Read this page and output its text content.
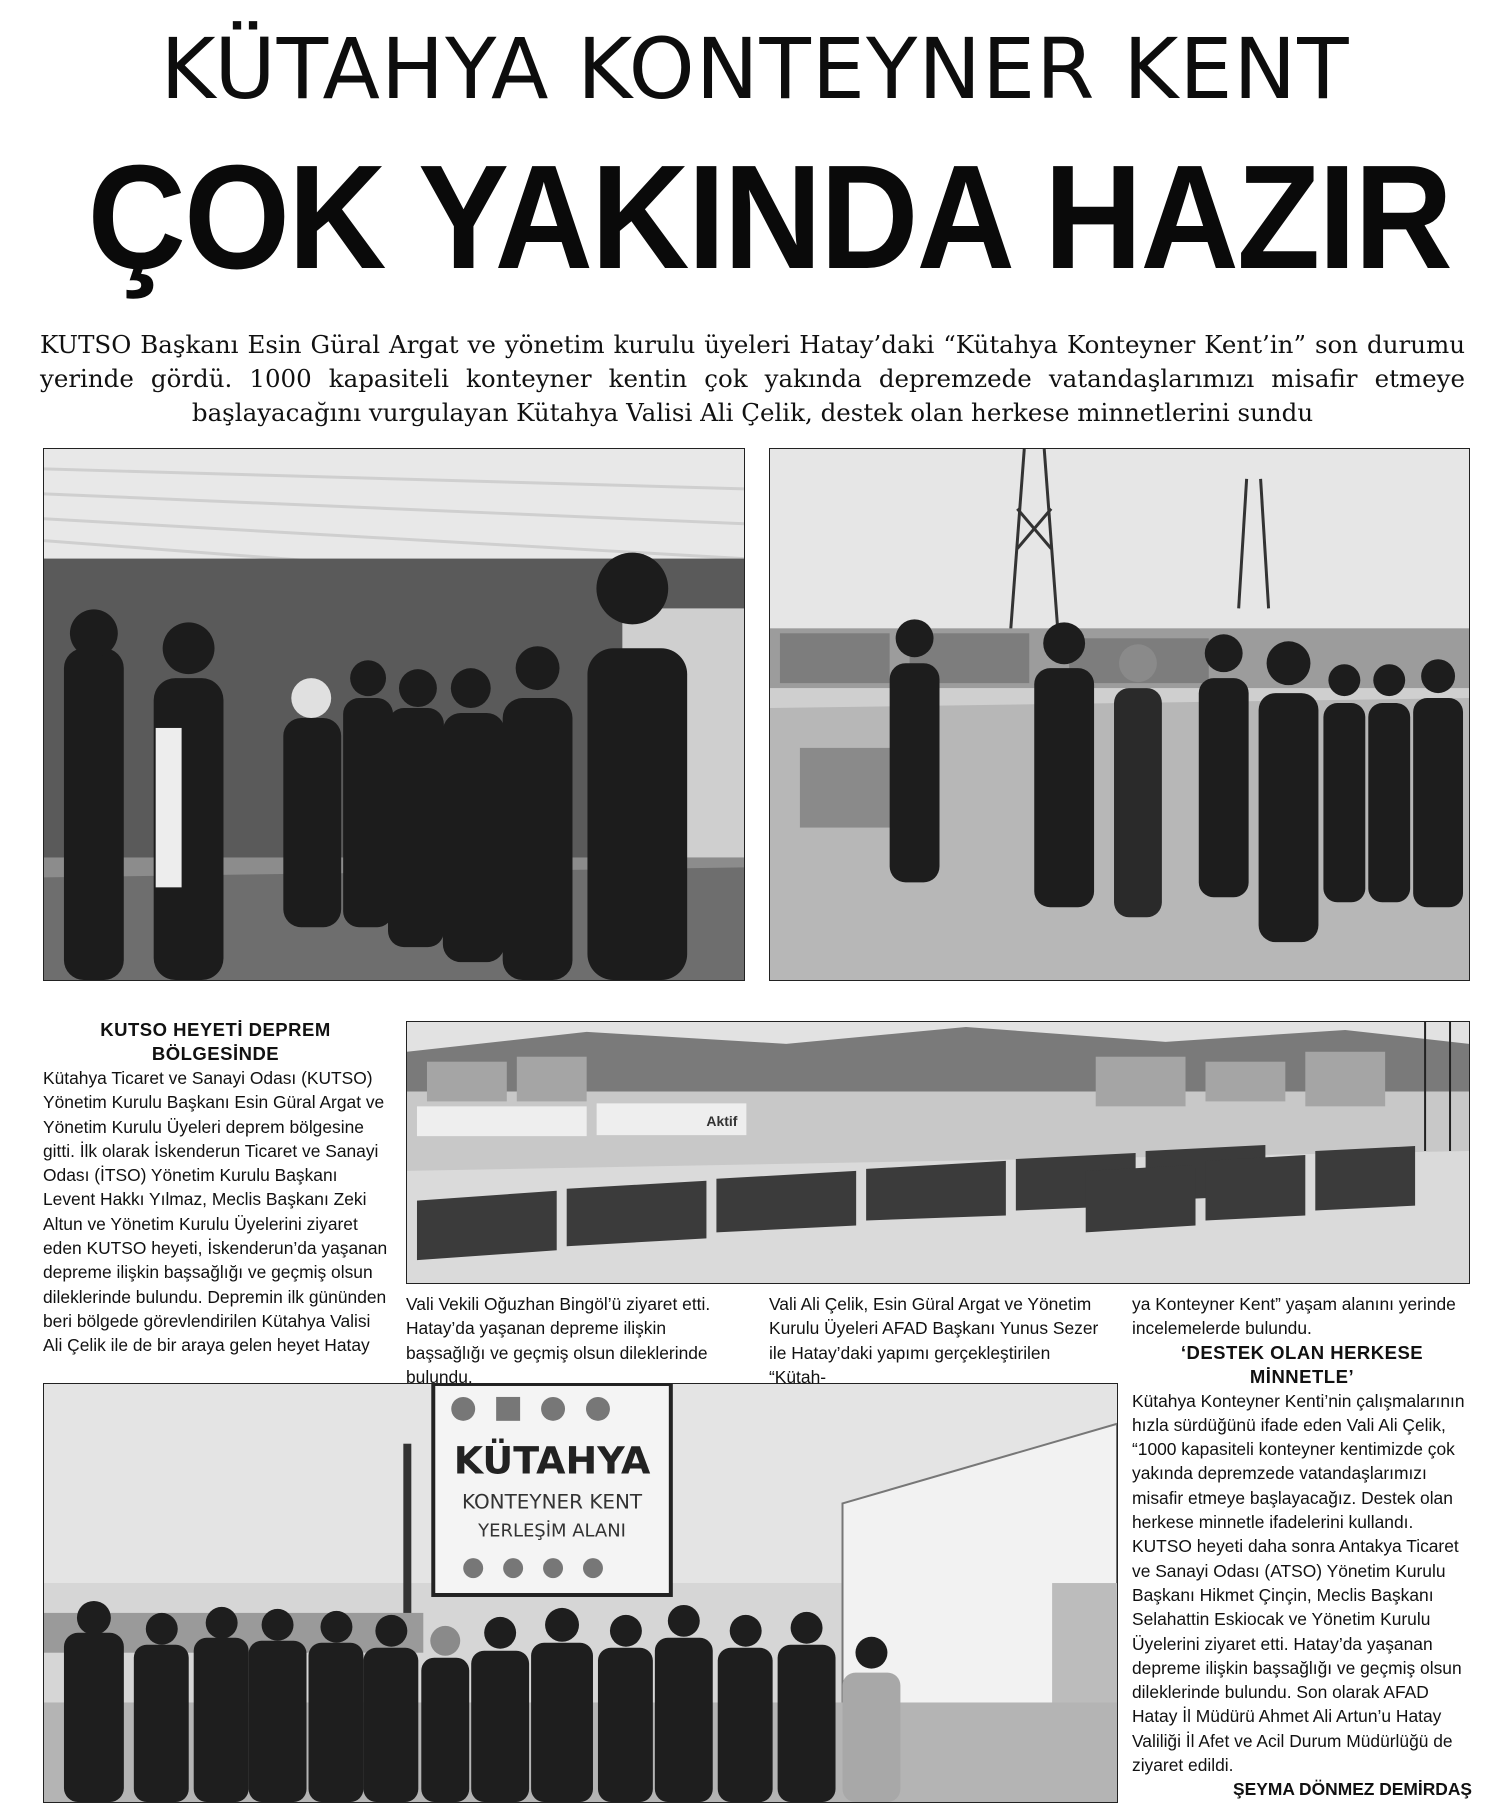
KÜTAHYA KONTEYNER KENT
ÇOK YAKINDA HAZIR
KUTSO Başkanı Esin Güral Argat ve yönetim kurulu üyeleri Hatay’daki “Kütahya Konteyner Kent’in” son durumu yerinde gördü. 1000 kapasiteli konteyner kentin çok yakında depremzede vatandaşlarımızı misafir etmeye başlayacağını vurgulayan Kütahya Valisi Ali Çelik, destek olan herkese minnetlerini sundu
Aktif
KÜTAHYA
KONTEYNER KENT
YERLEŞİM ALANI
KUTSO HEYETİ DEPREM BÖLGESİNDE
Kütahya Ticaret ve Sanayi Odası (KUTSO) Yönetim Kurulu Başkanı Esin Güral Argat ve Yönetim Kurulu Üyeleri deprem bölgesine gitti. İlk olarak İskenderun Ticaret ve Sanayi Odası (İTSO) Yönetim Kurulu Başkanı Levent Hakkı Yılmaz, Meclis Başkanı Zeki Altun ve Yönetim Kurulu Üyelerini ziyaret eden KUTSO heyeti, İskenderun’da yaşanan depreme ilişkin başsağlığı ve geçmiş olsun dileklerinde bulundu. Depremin ilk gününden beri bölgede görevlendirilen Kütahya Valisi Ali Çelik ile de bir araya gelen heyet Hatay
Vali Vekili Oğuzhan Bingöl’ü ziyaret etti. Hatay’da yaşanan depreme ilişkin başsağlığı ve geçmiş olsun dileklerinde bulundu.
Vali Ali Çelik, Esin Güral Argat ve Yönetim Kurulu Üyeleri AFAD Başkanı Yunus Sezer ile Hatay’daki yapımı gerçekleştirilen “Kütah-
ya Konteyner Kent” yaşam alanını yerinde incelemelerde bulundu.
‘DESTEK OLAN HERKESE MİNNETLE’
Kütahya Konteyner Kenti’nin çalışmalarının hızla sürdüğünü ifade eden Vali Ali Çelik, “1000 kapasiteli konteyner kentimizde çok yakında depremzede vatandaşlarımızı misafir etmeye başlayacağız. Destek olan herkese minnetle ifadelerini kullandı. KUTSO heyeti daha sonra Antakya Ticaret ve Sanayi Odası (ATSO) Yönetim Kurulu Başkanı Hikmet Çinçin, Meclis Başkanı Selahattin Eskiocak ve Yönetim Kurulu Üyelerini ziyaret etti. Hatay’da yaşanan depreme ilişkin başsağlığı ve geçmiş olsun dileklerinde bulundu. Son olarak AFAD Hatay İl Müdürü Ahmet Ali Artun’u Hatay Valiliği İl Afet ve Acil Durum Müdürlüğü de ziyaret edildi.
ŞEYMA DÖNMEZ DEMİRDAŞ
